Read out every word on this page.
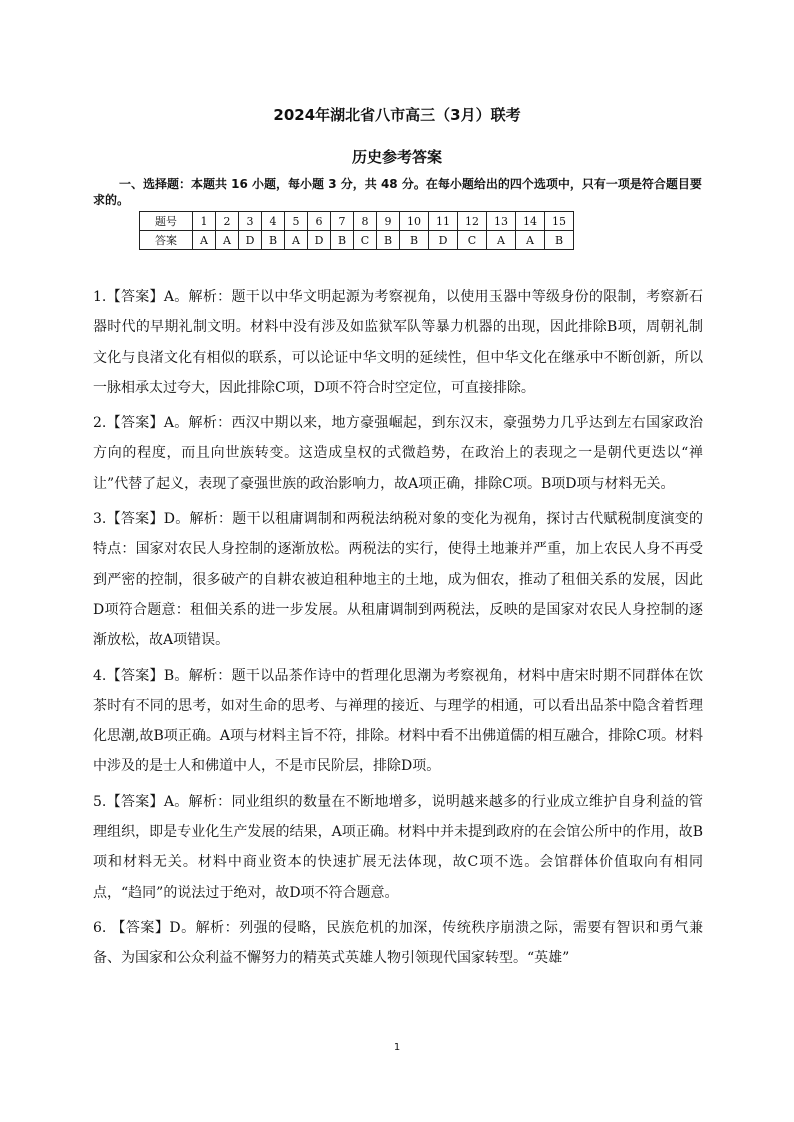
2024年湖北省八市高三（3月）联考
历史参考答案
一、选择题：本题共 16 小题，每小题 3 分，共 48 分。在每小题给出的四个选项中，只有一项是符合题目要求的。
题号	1	2	3	4	5	6	7	8	9	10	11	12	13	14	15
答案	A	A	D	B	A	D	B	C	B	B	D	C	A	A	B

1.【答案】A。解析：题干以中华文明起源为考察视角，以使用玉器中等级身份的限制，考察新石器时代的早期礼制文明。材料中没有涉及如监狱军队等暴力机器的出现，因此排除B项，周朝礼制文化与良渚文化有相似的联系，可以论证中华文明的延续性，但中华文化在继承中不断创新，所以一脉相承太过夸大，因此排除C项，D项不符合时空定位，可直接排除。

2.【答案】A。解析：西汉中期以来，地方豪强崛起，到东汉末，豪强势力几乎达到左右国家政治方向的程度，而且向世族转变。这造成皇权的式微趋势，在政治上的表现之一是朝代更迭以“禅让”代替了起义，表现了豪强世族的政治影响力，故A项正确，排除C项。B项D项与材料无关。

3.【答案】D。解析：题干以租庸调制和两税法纳税对象的变化为视角，探讨古代赋税制度演变的特点：国家对农民人身控制的逐渐放松。两税法的实行，使得土地兼并严重，加上农民人身不再受到严密的控制，很多破产的自耕农被迫租种地主的土地，成为佃农，推动了租佃关系的发展，因此D项符合题意：租佃关系的进一步发展。从租庸调制到两税法，反映的是国家对农民人身控制的逐渐放松，故A项错误。

4.【答案】B。解析：题干以品茶作诗中的哲理化思潮为考察视角，材料中唐宋时期不同群体在饮茶时有不同的思考，如对生命的思考、与禅理的接近、与理学的相通，可以看出品茶中隐含着哲理化思潮,故B项正确。A项与材料主旨不符，排除。材料中看不出佛道儒的相互融合，排除C项。材料中涉及的是士人和佛道中人，不是市民阶层，排除D项。

5.【答案】A。解析：同业组织的数量在不断地增多，说明越来越多的行业成立维护自身利益的管理组织，即是专业化生产发展的结果，A项正确。材料中并未提到政府的在会馆公所中的作用，故B项和材料无关。材料中商业资本的快速扩展无法体现，故C项不选。会馆群体价值取向有相同点，“趋同”的说法过于绝对，故D项不符合题意。

6. 【答案】D。解析：列强的侵略，民族危机的加深，传统秩序崩溃之际，需要有智识和勇气兼备、为国家和公众利益不懈努力的精英式英雄人物引领现代国家转型。“英雄”

1
